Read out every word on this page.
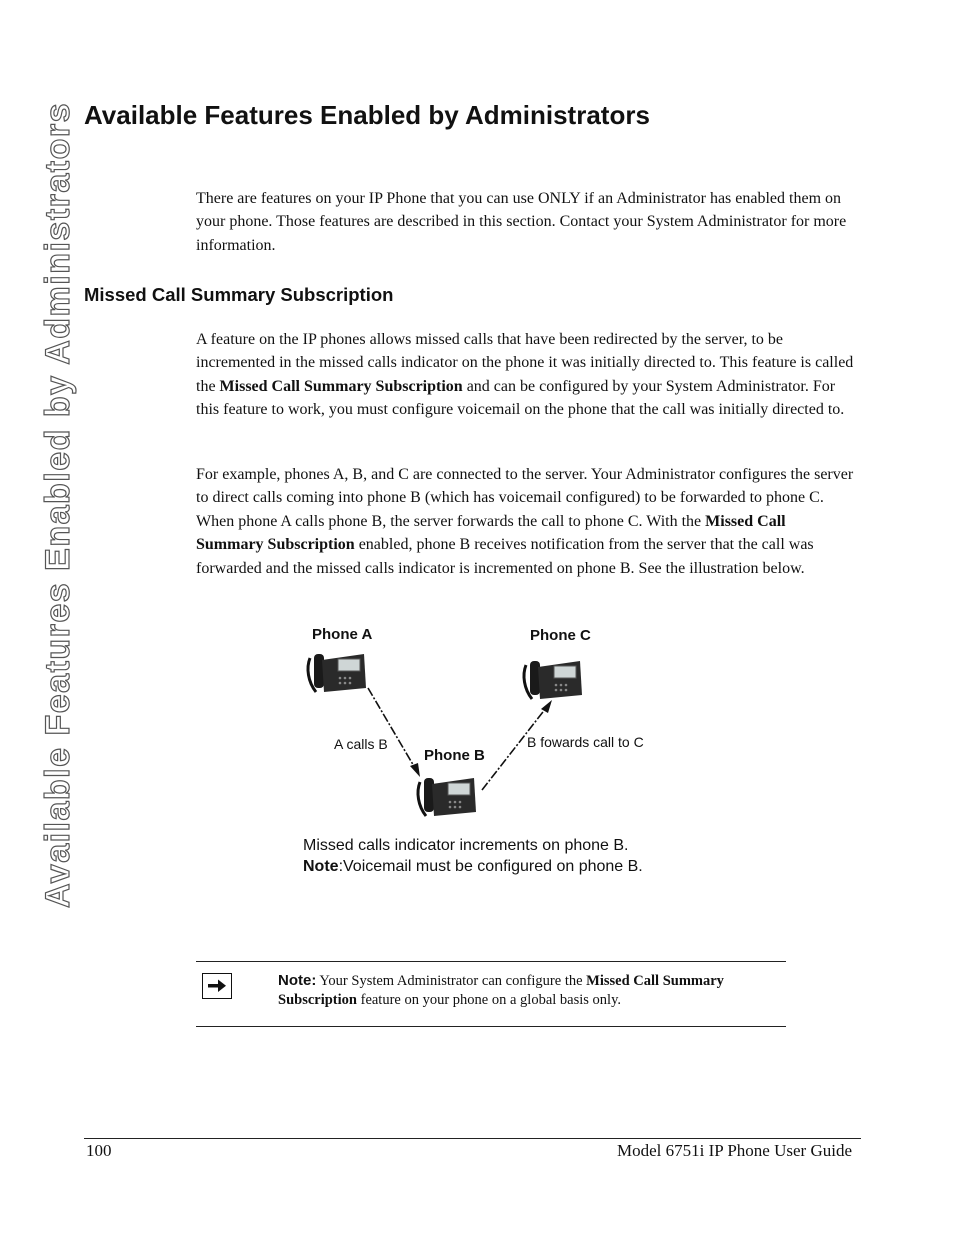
Available Features Enabled by Administrators Available Features Enabled by Administrators

There are features on your IP Phone that you can use ONLY if an Administrator has enabled them on your phone. Those features are described in this section. Contact your System Administrator for more information.

Missed Call Summary Subscription

A feature on the IP phones allows missed calls that have been redirected by the server, to be incremented in the missed calls indicator on the phone it was initially directed to. This feature is called the Missed Call Summary Subscription and can be configured by your System Administrator. For this feature to work, you must configure voicemail on the phone that the call was initially directed to.

For example, phones A, B, and C are connected to the server. Your Administrator configures the server to direct calls coming into phone B (which has voicemail configured) to be forwarded to phone C. When phone A calls phone B, the server forwards the call to phone C. With the Missed Call Summary Subscription enabled, phone B receives notification from the server that the call was forwarded and the missed calls indicator is incremented on phone B. See the illustration below.

Phone A	Phone C
Phone B
A calls B	B fowards call to C
Missed calls indicator increments on phone B.
Note:Voicemail must be configured on phone B.
Note: Your System Administrator can configure the Missed Call Summary Subscription feature on your phone on a global basis only.
100	Model 6751i IP Phone User Guide
